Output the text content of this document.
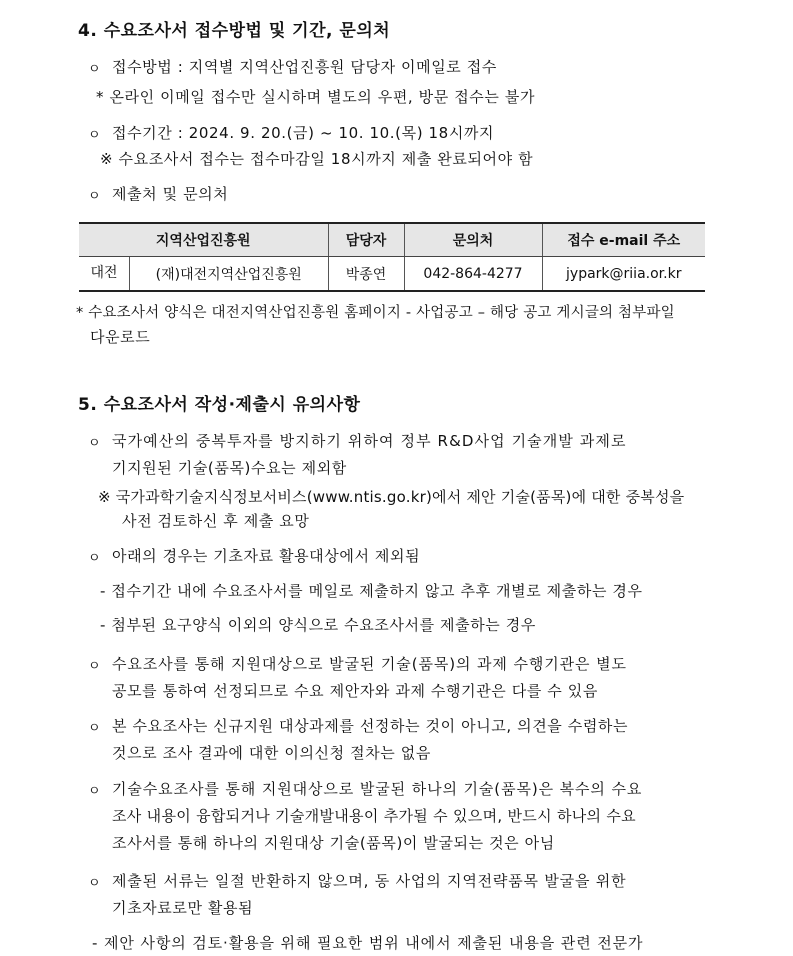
4. 수요조사서 접수방법 및 기간, 문의처

ㅇ 접수방법 : 지역별 지역산업진흥원 담당자 이메일로 접수

* 온라인 이메일 접수만 실시하며 별도의 우편, 방문 접수는 불가

ㅇ 접수기간 : 2024. 9. 20.(금) ~ 10. 10.(목) 18시까지

※ 수요조사서 접수는 접수마감일 18시까지 제출 완료되어야 함

ㅇ 제출처 및 문의처

지역산업진흥원	담당자	문의처	접수 e-mail 주소

대전 (재)대전지역산업진흥원	박종연	042-864-4277	jypark@riia.or.kr

* 수요조사서 양식은 대전지역산업진흥원 홈페이지 - 사업공고 – 해당 공고 게시글의 첨부파일

다운로드

5. 수요조사서 작성·제출시 유의사항

ㅇ 국가예산의 중복투자를 방지하기 위하여 정부 R&D사업 기술개발 과제로

기지원된 기술(품목)수요는 제외함

※ 국가과학기술지식정보서비스(www.ntis.go.kr)에서 제안 기술(품목)에 대한 중복성을

사전 검토하신 후 제출 요망

ㅇ 아래의 경우는 기초자료 활용대상에서 제외됨

- 접수기간 내에 수요조사서를 메일로 제출하지 않고 추후 개별로 제출하는 경우

- 첨부된 요구양식 이외의 양식으로 수요조사서를 제출하는 경우

ㅇ 수요조사를 통해 지원대상으로 발굴된 기술(품목)의 과제 수행기관은 별도

공모를 통하여 선정되므로 수요 제안자와 과제 수행기관은 다를 수 있음

ㅇ 본 수요조사는 신규지원 대상과제를 선정하는 것이 아니고, 의견을 수렴하는

것으로 조사 결과에 대한 이의신청 절차는 없음

ㅇ 기술수요조사를 통해 지원대상으로 발굴된 하나의 기술(품목)은 복수의 수요

조사 내용이 융합되거나 기술개발내용이 추가될 수 있으며, 반드시 하나의 수요

조사서를 통해 하나의 지원대상 기술(품목)이 발굴되는 것은 아님

ㅇ 제출된 서류는 일절 반환하지 않으며, 동 사업의 지역전략품목 발굴을 위한

기초자료로만 활용됨

- 제안 사항의 검토·활용을 위해 필요한 범위 내에서 제출된 내용을 관련 전문가
